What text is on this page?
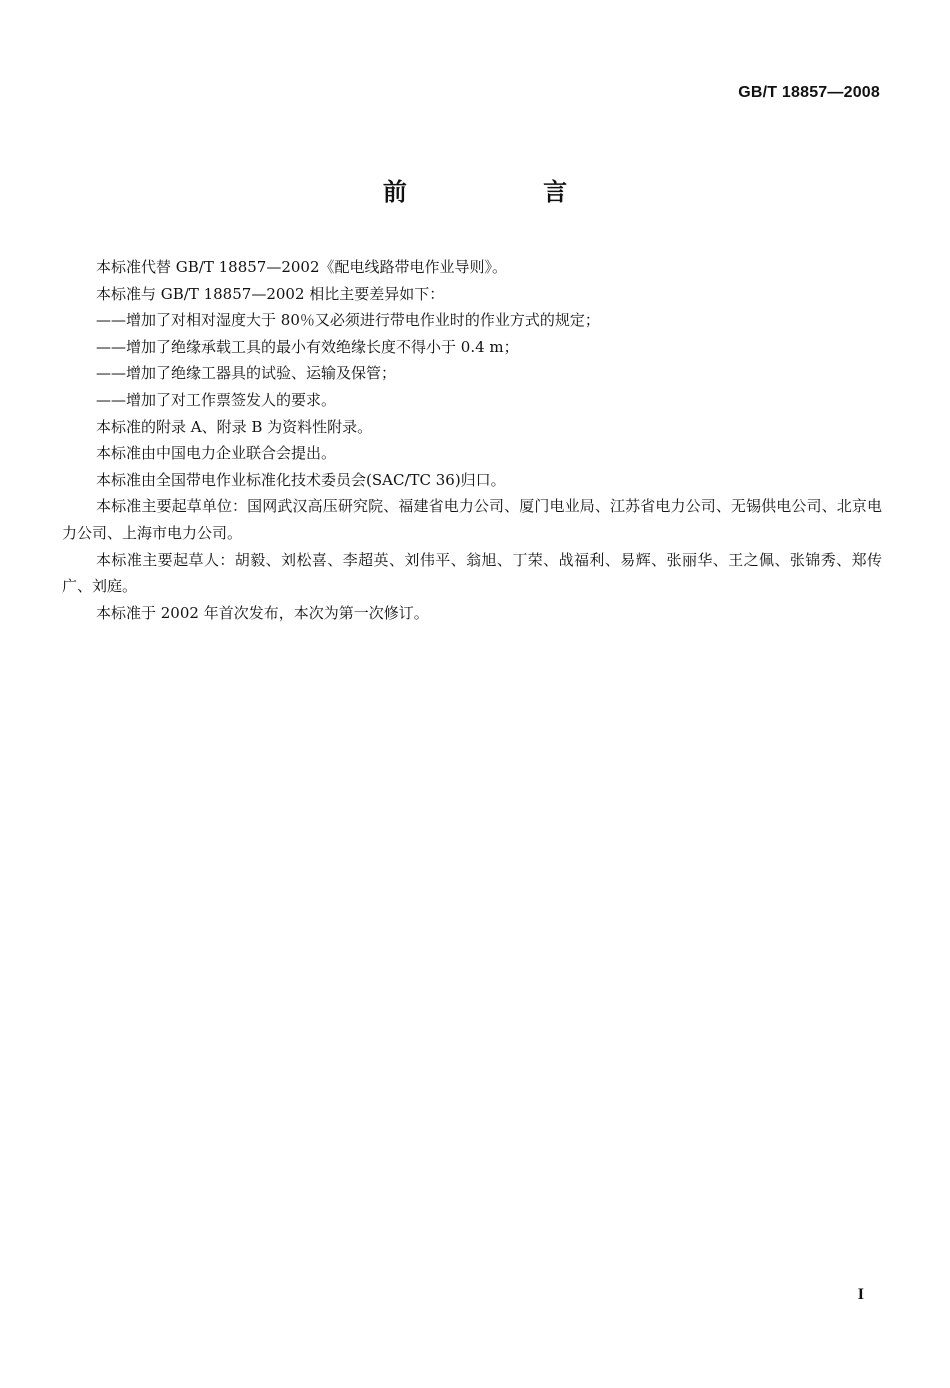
GB/T 18857—2008
前 言

本标准代替 GB/T 18857—2002《配电线路带电作业导则》。

本标准与 GB/T 18857—2002 相比主要差异如下：

——增加了对相对湿度大于 80％又必须进行带电作业时的作业方式的规定；

——增加了绝缘承载工具的最小有效绝缘长度不得小于 0.4 m；

——增加了绝缘工器具的试验、运输及保管；

——增加了对工作票签发人的要求。

本标准的附录 A、附录 B 为资料性附录。

本标准由中国电力企业联合会提出。

本标准由全国带电作业标准化技术委员会(SAC/TC 36)归口。

本标准主要起草单位：国网武汉高压研究院、福建省电力公司、厦门电业局、江苏省电力公司、无锡供电公司、北京电力公司、上海市电力公司。

本标准主要起草人：胡毅、刘松喜、李超英、刘伟平、翁旭、丁荣、战福利、易辉、张丽华、王之佩、张锦秀、郑传广、刘庭。

本标准于 2002 年首次发布，本次为第一次修订。

I
